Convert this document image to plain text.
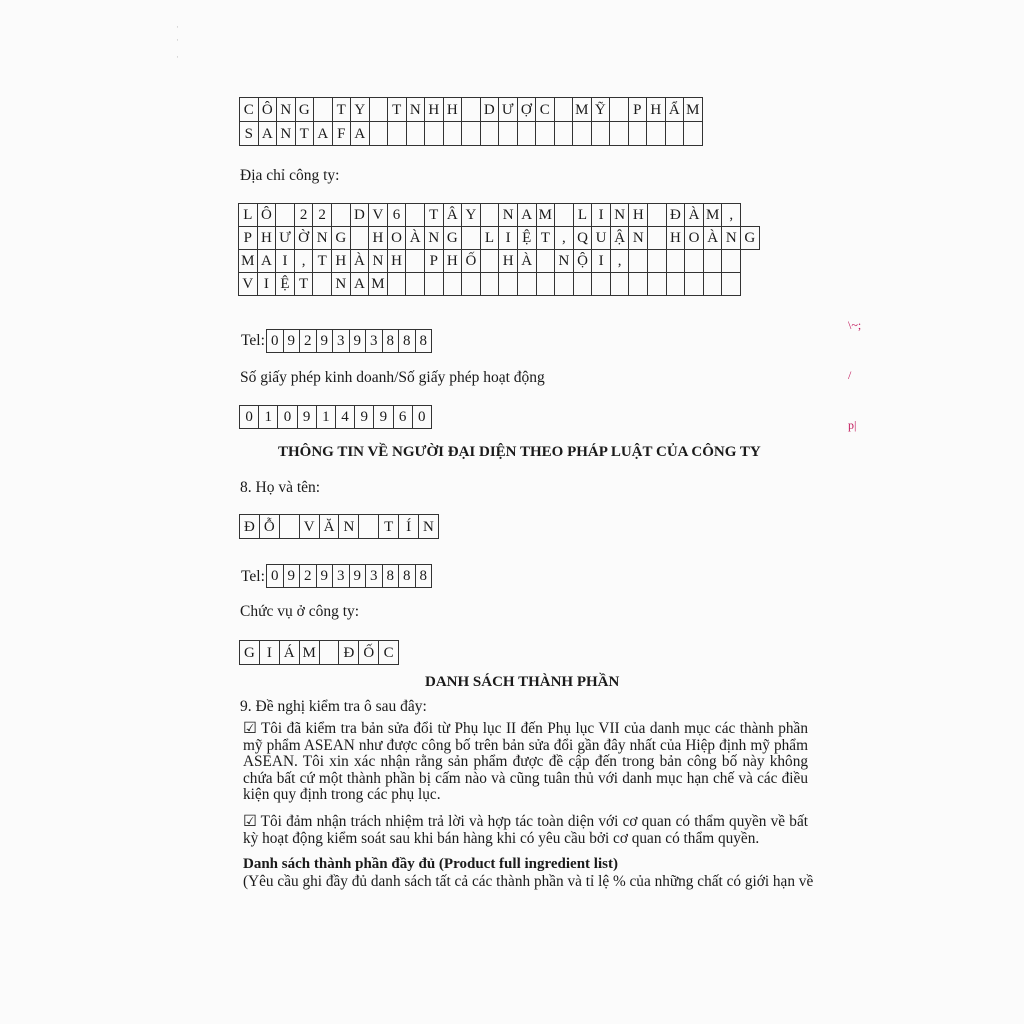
·
·
·
C	Ô	N	G		T	Y		T	N	H	H		D	Ư	Ợ	C		M	Ỹ		P	H	Ẩ	M
S	A	N	T	A	F	A																		
Địa chỉ công ty:
L	Ô		2	2		D	V	6		T	Â	Y		N	A	M		L	I	N	H		Đ	À	M	,	
P	H	Ư	Ờ	N	G		H	O	À	N	G		L	I	Ệ	T	,	Q	U	Ậ	N		H	O	À	N	G
M	A	I	,	T	H	À	N	H		P	H	Ố		H	À		N	Ộ	I	,							
V	I	Ệ	T		N	A	M																				
Tel: 0	9	2	9	3	9	3	8	8	8
Số giấy phép kinh doanh/Số giấy phép hoạt động
0	1	0	9	1	4	9	9	6	0
THÔNG TIN VỀ NGƯỜI ĐẠI DIỆN THEO PHÁP LUẬT CỦA CÔNG TY
8. Họ và tên:
Đ	Ỗ		V	Ă	N		T	Í	N
Tel: 0	9	2	9	3	9	3	8	8	8
Chức vụ ở công ty:
G	I	Á	M		Đ	Ố	C
DANH SÁCH THÀNH PHẦN
9. Đề nghị kiểm tra ô sau đây:
☑ Tôi đã kiểm tra bản sửa đổi từ Phụ lục II đến Phụ lục VII của danh mục các thành phần mỹ phẩm ASEAN như được công bố trên bản sửa đổi gần đây nhất của Hiệp định mỹ phẩm ASEAN. Tôi xin xác nhận rằng sản phẩm được đề cập đến trong bản công bố này không chứa bất cứ một thành phần bị cấm nào và cũng tuân thủ với danh mục hạn chế và các điều kiện quy định trong các phụ lục.
☑ Tôi đảm nhận trách nhiệm trả lời và hợp tác toàn diện với cơ quan có thẩm quyền về bất kỳ hoạt động kiểm soát sau khi bán hàng khi có yêu cầu bởi cơ quan có thẩm quyền.
Danh sách thành phần đầy đủ (Product full ingredient list)
(Yêu cầu ghi đầy đủ danh sách tất cả các thành phần và tỉ lệ % của những chất có giới hạn về
\~;
/
p|
